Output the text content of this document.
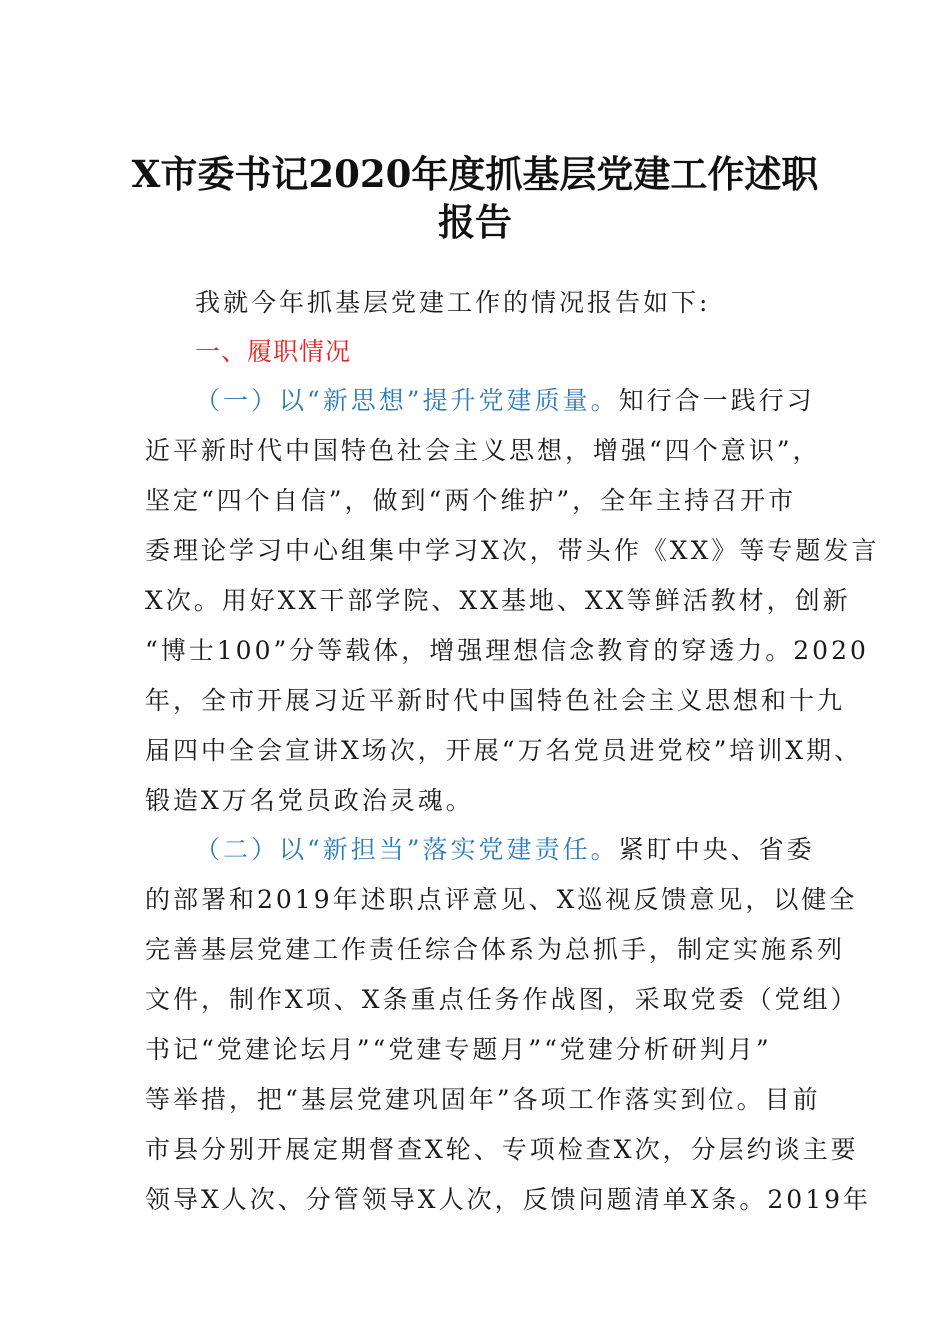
X市委书记2020年度抓基层党建工作述职
报告
我就今年抓基层党建工作的情况报告如下:
一、履职情况
（一）以“新思想”提升党建质量。知行合一践行习
近平新时代中国特色社会主义思想，增强“四个意识”，
坚定“四个自信”，做到“两个维护”，全年主持召开市
委理论学习中心组集中学习X次，带头作《XX》等专题发言
X次。用好XX干部学院、XX基地、XX等鲜活教材，创新
“博士100”分等载体，增强理想信念教育的穿透力。2020
年，全市开展习近平新时代中国特色社会主义思想和十九
届四中全会宣讲X场次，开展“万名党员进党校”培训X期、
锻造X万名党员政治灵魂。
（二）以“新担当”落实党建责任。紧盯中央、省委
的部署和2019年述职点评意见、X巡视反馈意见，以健全
完善基层党建工作责任综合体系为总抓手，制定实施系列
文件，制作X项、X条重点任务作战图，采取党委（党组）
书记“党建论坛月”“党建专题月”“党建分析研判月”
等举措，把“基层党建巩固年”各项工作落实到位。目前
市县分别开展定期督查X轮、专项检查X次，分层约谈主要
领导X人次、分管领导X人次，反馈问题清单X条。2019年
